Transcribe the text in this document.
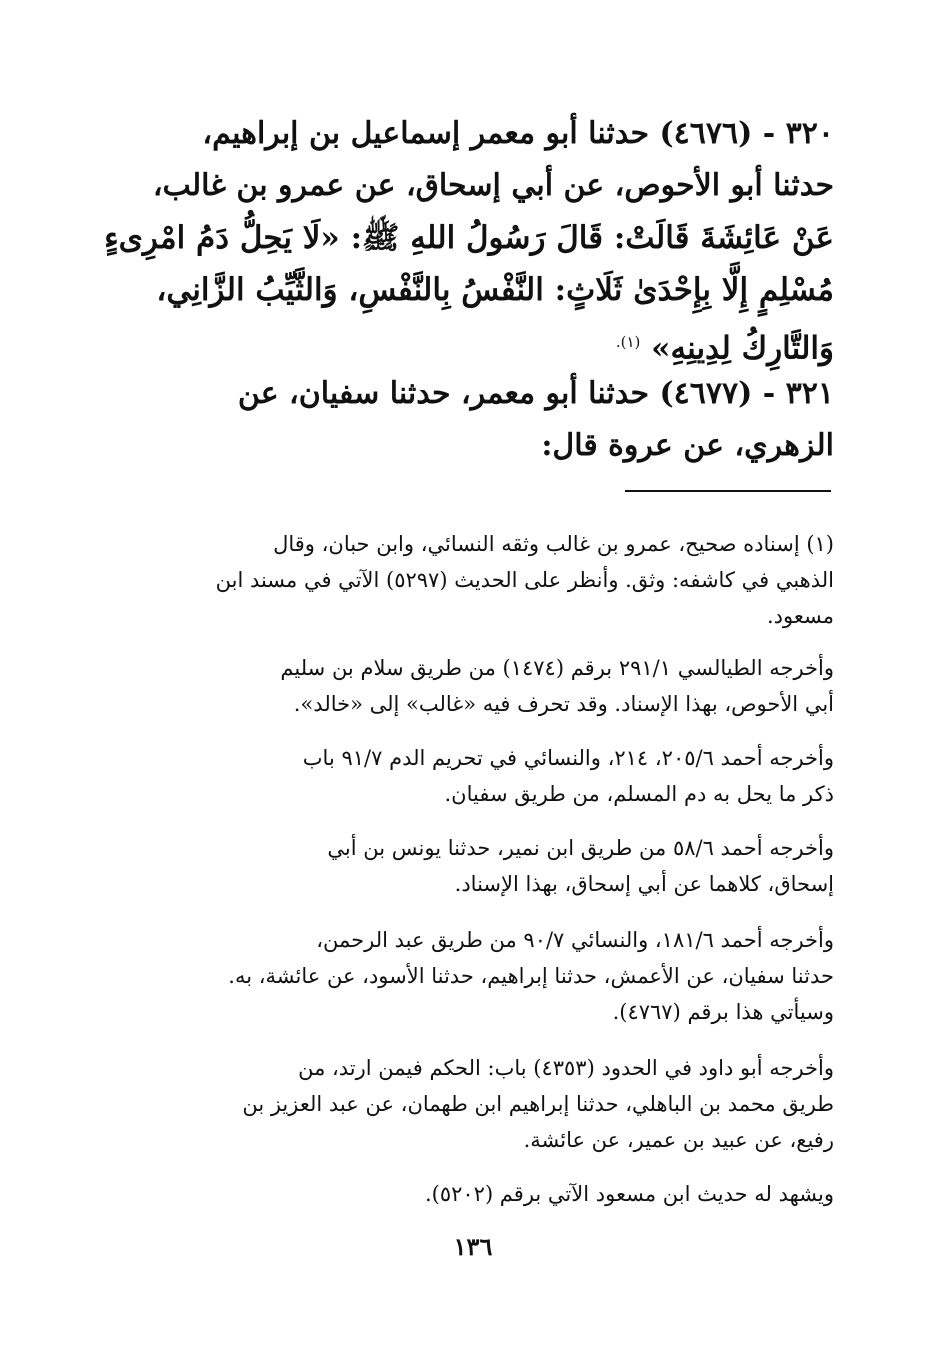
٣٢٠ - (٤٦٧٦) حدثنا أبو معمر إسماعيل بن إبراهيم،
حدثنا أبو الأحوص، عن أبي إسحاق، عن عمرو بن غالب،
عَنْ عَائِشَةَ قَالَتْ: قَالَ رَسُولُ اللهِ ﷺ: «لَا يَحِلُّ دَمُ امْرِىءٍ
مُسْلِمٍ إِلَّا بِإِحْدَىٰ ثَلَاثٍ: النَّفْسُ بِالنَّفْسِ، وَالثَّيِّبُ الزَّانِي،
وَالتَّارِكُ لِدِينِهِ» $^{(١).}$
٣٢١ - (٤٦٧٧) حدثنا أبو معمر، حدثنا سفيان، عن
الزهري، عن عروة قال:
(١) إسناده صحيح، عمرو بن غالب وثقه النسائي، وابن حبان، وقال
الذهبي في كاشفه: وثق. وأنظر على الحديث (٥٢٩٧) الآتي في مسند ابن
مسعود.
وأخرجه الطيالسي ٢٩١/١ برقم (١٤٧٤) من طريق سلام بن سليم
أبي الأحوص، بهذا الإسناد. وقد تحرف فيه «غالب» إلى «خالد».
وأخرجه أحمد ٢٠٥/٦، ٢١٤، والنسائي في تحريم الدم ٩١/٧ باب
ذكر ما يحل به دم المسلم، من طريق سفيان.
وأخرجه أحمد ٥٨/٦ من طريق ابن نمير، حدثنا يونس بن أبي
إسحاق، كلاهما عن أبي إسحاق، بهذا الإسناد.
وأخرجه أحمد ١٨١/٦، والنسائي ٩٠/٧ من طريق عبد الرحمن،
حدثنا سفيان، عن الأعمش، حدثنا إبراهيم، حدثنا الأسود، عن عائشة، به.
وسيأتي هذا برقم (٤٧٦٧).
وأخرجه أبو داود في الحدود (٤٣٥٣) باب: الحكم فيمن ارتد، من
طريق محمد بن الباهلي، حدثنا إبراهيم ابن طهمان، عن عبد العزيز بن
رفيع، عن عبيد بن عمير، عن عائشة.
ويشهد له حديث ابن مسعود الآتي برقم (٥٢٠٢).
١٣٦
